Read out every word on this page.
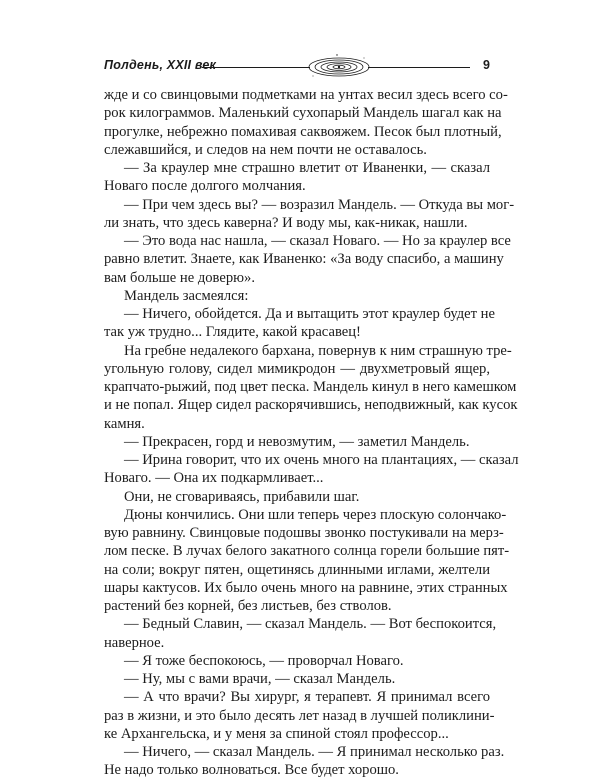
Полдень, XXII век	9
жде и со свинцовыми подметками на унтах весил здесь всего со-
рок килограммов. Маленький сухопарый Мандель шагал как на
прогулке, небрежно помахивая саквояжем. Песок был плотный,
слежавшийся, и следов на нем почти не оставалось.
— За краулер мне страшно влетит от Иваненки, — сказал
Новаго после долгого молчания.
— При чем здесь вы? — возразил Мандель. — Откуда вы мог-
ли знать, что здесь каверна? И воду мы, как-никак, нашли.
— Это вода нас нашла, — сказал Новаго. — Но за краулер все
равно влетит. Знаете, как Иваненко: «За воду спасибо, а машину
вам больше не доверю».
Мандель засмеялся:
— Ничего, обойдется. Да и вытащить этот краулер будет не
так уж трудно... Глядите, какой красавец!
На гребне недалекого бархана, повернув к ним страшную тре-
угольную голову, сидел мимикродон — двухметровый ящер,
крапчато-рыжий, под цвет песка. Мандель кинул в него камешком
и не попал. Ящер сидел раскорячившись, неподвижный, как кусок
камня.
— Прекрасен, горд и невозмутим, — заметил Мандель.
— Ирина говорит, что их очень много на плантациях, — сказал
Новаго. — Она их подкармливает...
Они, не сговариваясь, прибавили шаг.
Дюны кончились. Они шли теперь через плоскую солончако-
вую равнину. Свинцовые подошвы звонко постукивали на мерз-
лом песке. В лучах белого закатного солнца горели большие пят-
на соли; вокруг пятен, ощетинясь длинными иглами, желтели
шары кактусов. Их было очень много на равнине, этих странных
растений без корней, без листьев, без стволов.
— Бедный Славин, — сказал Мандель. — Вот беспокоится,
наверное.
— Я тоже беспокоюсь, — проворчал Новаго.
— Ну, мы с вами врачи, — сказал Мандель.
— А что врачи? Вы хирург, я терапевт. Я принимал всего
раз в жизни, и это было десять лет назад в лучшей поликлини-
ке Архангельска, и у меня за спиной стоял профессор...
— Ничего, — сказал Мандель. — Я принимал несколько раз.
Не надо только волноваться. Все будет хорошо.
